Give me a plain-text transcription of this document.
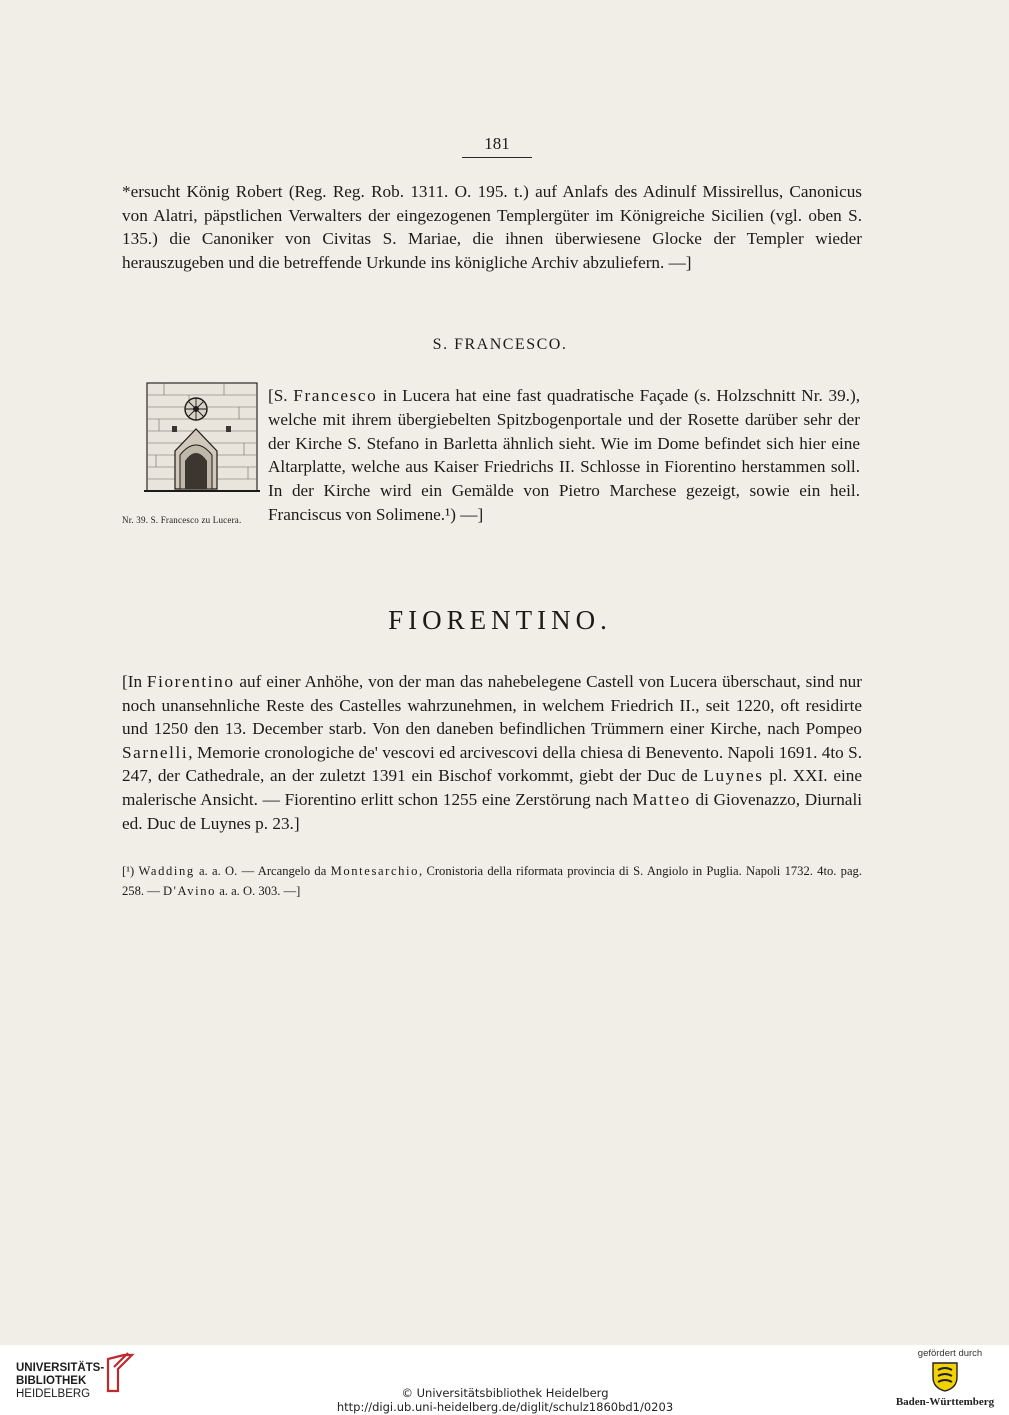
181

*ersucht König Robert (Reg. Reg. Rob. 1311. O. 195. t.) auf Anlafs des Adinulf Missirellus, Canonicus von Alatri, päpstlichen Verwalters der eingezogenen Templergüter im Königreiche Sicilien (vgl. oben S. 135.) die Canoniker von Civitas S. Mariae, die ihnen überwiesene Glocke der Templer wieder herauszugeben und die betreffende Urkunde ins königliche Archiv abzuliefern. —]

S. FRANCESCO.
Nr. 39. S. Francesco zu Lucera.

[S. Francesco in Lucera hat eine fast quadratische Façade (s. Holzschnitt Nr. 39.), welche mit ihrem übergiebelten Spitzbogenportale und der Rosette darüber sehr der der Kirche S. Stefano in Barletta ähnlich sieht. Wie im Dome befindet sich hier eine Altarplatte, welche aus Kaiser Friedrichs II. Schlosse in Fiorentino herstammen soll. In der Kirche wird ein Gemälde von Pietro Marchese gezeigt, sowie ein heil. Franciscus von Solimene.¹) —]

FIORENTINO.

[In Fiorentino auf einer Anhöhe, von der man das nahebelegene Castell von Lucera überschaut, sind nur noch unansehnliche Reste des Castelles wahrzunehmen, in welchem Friedrich II., seit 1220, oft residirte und 1250 den 13. December starb. Von den daneben befindlichen Trümmern einer Kirche, nach Pompeo Sarnelli, Memorie cronologiche de' vescovi ed arcivescovi della chiesa di Benevento. Napoli 1691. 4to S. 247, der Cathedrale, an der zuletzt 1391 ein Bischof vorkommt, giebt der Duc de Luynes pl. XXI. eine malerische Ansicht. — Fiorentino erlitt schon 1255 eine Zerstörung nach Matteo di Giovenazzo, Diurnali ed. Duc de Luynes p. 23.]

[¹) Wadding a. a. O. — Arcangelo da Montesarchio, Cronistoria della riformata provincia di S. Angiolo in Puglia. Napoli 1732. 4to. pag. 258. — D'Avino a. a. O. 303. —]

UNIVERSITÄTS-
BIBLIOTHEK
HEIDELBERG	© Universitätsbibliothek Heidelberg
http://digi.ub.uni-heidelberg.de/diglit/schulz1860bd1/0203
gefördert durch
Baden-Württemberg
